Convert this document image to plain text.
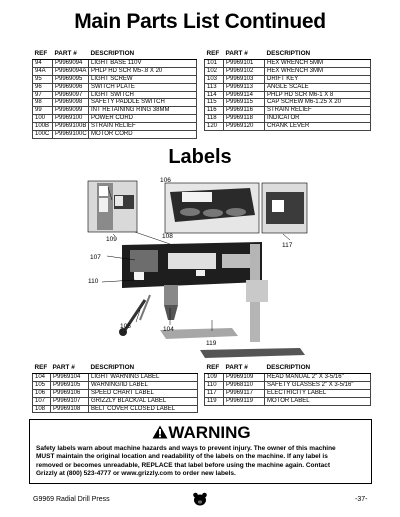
Main Parts List Continued
REF	PART #	DESCRIPTION
94	P9969094	LIGHT BASE 110V
94A	P9969094A	PHLP HD SCR M5-.8 X 20
95	P9969095	LIGHT SCREW
96	P9969096	SWITCH PLATE
97	P9969097	LIGHT SWITCH
98	P9969098	SAFETY PADDLE SWITCH
99	P9969099	INT RETAINING RING 38MM
100	P9969100	POWER CORD
100B	P9969100B	STRAIN RELIEF
100C	P9969100C	MOTOR CORD
REF	PART #	DESCRIPTION
101	P9969101	HEX WRENCH 5MM
102	P9969102	HEX WRENCH 3MM
103	P9969103	DRIFT KEY
113	P9969113	ANGLE SCALE
114	P9969114	PHLP HD SCR M6-1 X 8
115	P9969115	CAP SCREW M6-1.25 X 20
116	P9969116	STRAIN RELIEF
118	P9969118	INDICATOR
120	P9969120	CRANK LEVER
Labels
106
109	108
117
107
110
105	104
119
REF	PART #	DESCRIPTION
104	P9969104	LIGHT WARNING LABEL
105	P9969105	WARNING/ID LABEL
106	P9969106	SPEED CHART LABEL
107	P9969107	GRIZZLY BLACK/AL LABEL
108	P9969108	BELT COVER CLOSED LABEL
REF	PART #	DESCRIPTION
109	P9969109	READ MANUAL 2" X 3-5/16"
110	P9968110	SAFETY GLASSES 2" X 3-5/16"
117	P9969117	ELECTRICITY LABEL
119	P9969119	MOTOR LABEL
WARNING
Safety labels warn about machine hazards and ways to prevent injury. The owner of this machine
MUST maintain the original location and readability of the labels on the machine. If any label is
removed or becomes unreadable, REPLACE that label before using the machine again. Contact
Grizzly at (800) 523-4777 or www.grizzly.com to order new labels.
G9969 Radial Drill Press	-37-
